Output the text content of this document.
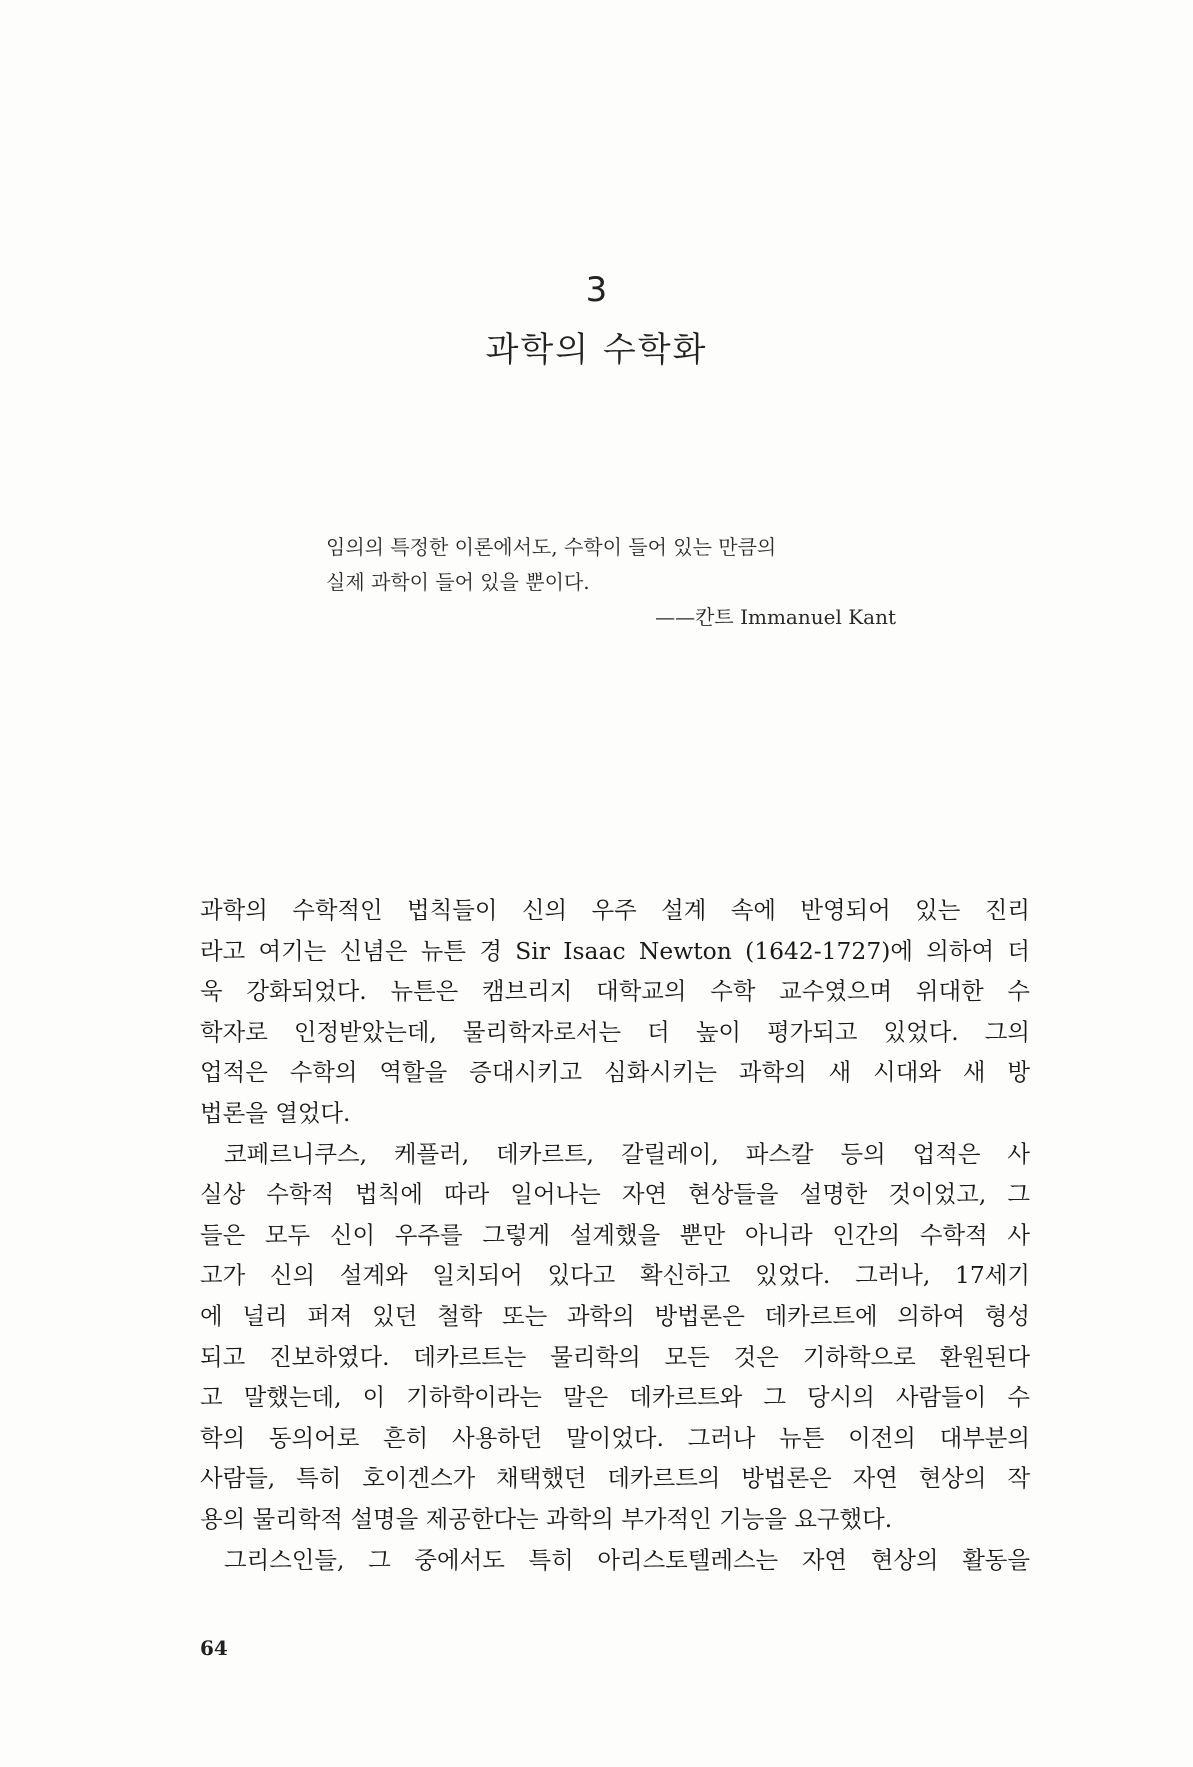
3
과학의 수학화
임의의 특정한 이론에서도, 수학이 들어 있는 만큼의
실제 과학이 들어 있을 뿐이다.
——칸트 Immanuel Kant
과학의 수학적인 법칙들이 신의 우주 설계 속에 반영되어 있는 진리
라고 여기는 신념은 뉴튼 경 Sir Isaac Newton (1642-1727)에 의하여 더
욱 강화되었다. 뉴튼은 캠브리지 대학교의 수학 교수였으며 위대한 수
학자로 인정받았는데, 물리학자로서는 더 높이 평가되고 있었다. 그의
업적은 수학의 역할을 증대시키고 심화시키는 과학의 새 시대와 새 방
법론을 열었다.
코페르니쿠스, 케플러, 데카르트, 갈릴레이, 파스칼 등의 업적은 사
실상 수학적 법칙에 따라 일어나는 자연 현상들을 설명한 것이었고, 그
들은 모두 신이 우주를 그렇게 설계했을 뿐만 아니라 인간의 수학적 사
고가 신의 설계와 일치되어 있다고 확신하고 있었다. 그러나, 17세기
에 널리 퍼져 있던 철학 또는 과학의 방법론은 데카르트에 의하여 형성
되고 진보하였다. 데카르트는 물리학의 모든 것은 기하학으로 환원된다
고 말했는데, 이 기하학이라는 말은 데카르트와 그 당시의 사람들이 수
학의 동의어로 흔히 사용하던 말이었다. 그러나 뉴튼 이전의 대부분의
사람들, 특히 호이겐스가 채택했던 데카르트의 방법론은 자연 현상의 작
용의 물리학적 설명을 제공한다는 과학의 부가적인 기능을 요구했다.
그리스인들, 그 중에서도 특히 아리스토텔레스는 자연 현상의 활동을
64
